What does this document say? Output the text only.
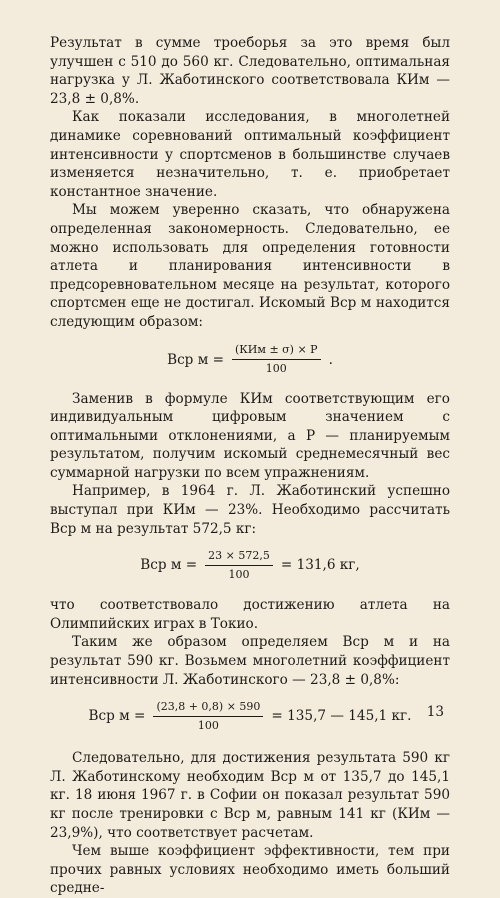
Результат в сумме троеборья за это время был улучшен с 510 до 560 кг. Следовательно, оптимальная нагрузка у Л. Жаботинского соответствовала КИм — 23,8 ± 0,8%.

Как показали исследования, в многолетней динамике соревнований оптимальный коэффициент интенсивности у спортсменов в большинстве случаев изменяется незначительно, т. е. приобретает константное значение.

Мы можем уверенно сказать, что обнаружена определенная закономерность. Следовательно, ее можно использовать для определения готовности атлета и планирования интенсивности в предсоревновательном месяце на результат, которого спортсмен еще не достигал. Искомый Вср м находится следующим образом:

Вср $м = \frac{\text{(КИм ± σ) × Р}}{100}$ .

Заменив в формуле КИм соответствующим его индивидуальным цифровым значением с оптимальными отклонениями, а Р — планируемым результатом, получим искомый среднемесячный вес суммарной нагрузки по всем упражнениям.

Например, в 1964 г. Л. Жаботинский успешно выступал при КИм — 23%. Необходимо рассчитать Вср м на результат 572,5 кг:

Вср $м = \frac{23 \times 572,5}{100} = 131,6$ кг,

что соответствовало достижению атлета на Олимпийских играх в Токио.

Таким же образом определяем Вср м и на результат 590 кг. Возьмем многолетний коэффициент интенсивности Л. Жаботинского — 23,8 ± 0,8%:

Вср $м = \frac{(23,8 + 0,8) \times 590}{100} = 135,7$ — 145,1 кг.

Следовательно, для достижения результата 590 кг Л. Жаботинскому необходим Вср м от 135,7 до 145,1 кг. 18 июня 1967 г. в Софии он показал результат 590 кг после тренировки с Вср м, равным 141 кг (КИм — 23,9%), что соответствует расчетам.

Чем выше коэффициент эффективности, тем при прочих равных условиях необходимо иметь больший средне-

13
